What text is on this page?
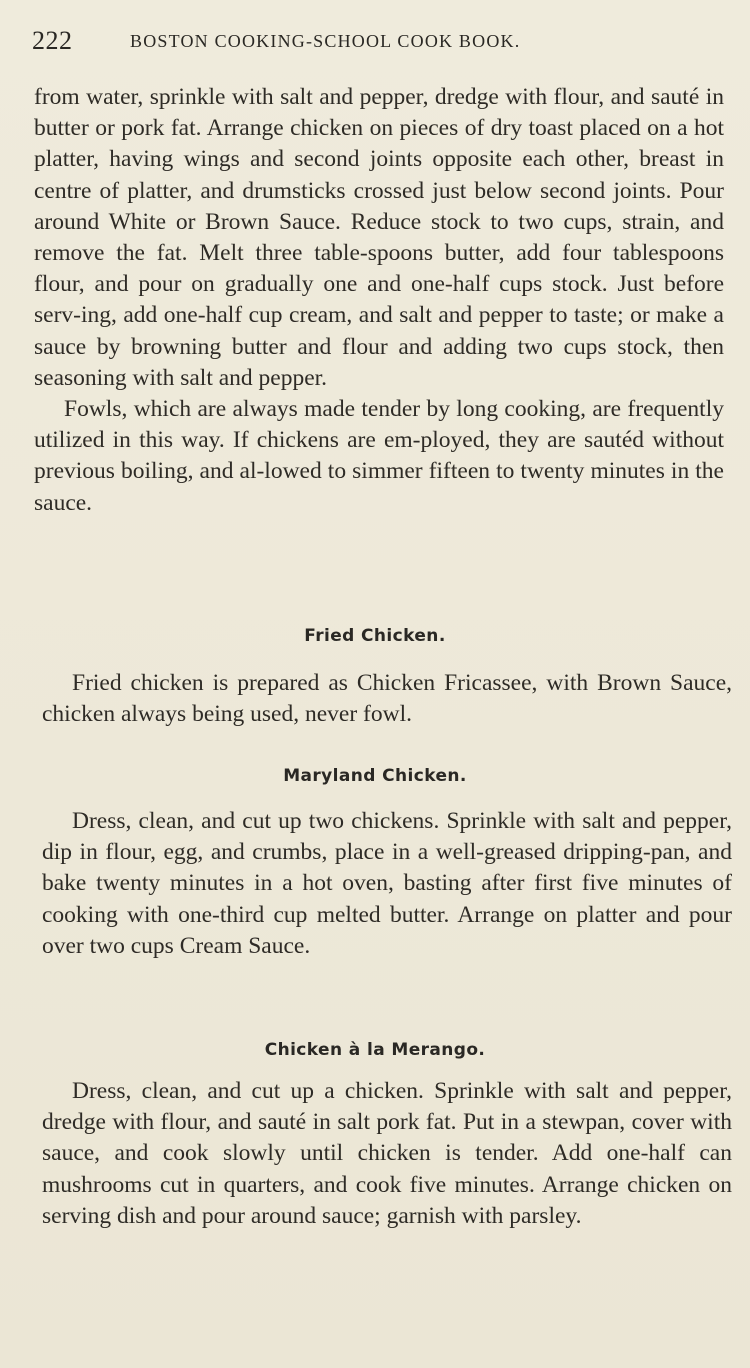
222	BOSTON COOKING-SCHOOL COOK BOOK.

from water, sprinkle with salt and pepper, dredge with flour, and sauté in butter or pork fat. Arrange chicken on pieces of dry toast placed on a hot platter, having wings and second joints opposite each other, breast in centre of platter, and drumsticks crossed just below second joints. Pour around White or Brown Sauce. Reduce stock to two cups, strain, and remove the fat. Melt three table-spoons butter, add four tablespoons flour, and pour on gradually one and one-half cups stock. Just before serv-ing, add one-half cup cream, and salt and pepper to taste; or make a sauce by browning butter and flour and adding two cups stock, then seasoning with salt and pepper.

Fowls, which are always made tender by long cooking, are frequently utilized in this way. If chickens are em-ployed, they are sautéd without previous boiling, and al-lowed to simmer fifteen to twenty minutes in the sauce.

Fried Chicken.

Fried chicken is prepared as Chicken Fricassee, with Brown Sauce, chicken always being used, never fowl.

Maryland Chicken.

Dress, clean, and cut up two chickens. Sprinkle with salt and pepper, dip in flour, egg, and crumbs, place in a well-greased dripping-pan, and bake twenty minutes in a hot oven, basting after first five minutes of cooking with one-third cup melted butter. Arrange on platter and pour over two cups Cream Sauce.

Chicken à la Merango.

Dress, clean, and cut up a chicken. Sprinkle with salt and pepper, dredge with flour, and sauté in salt pork fat. Put in a stewpan, cover with sauce, and cook slowly until chicken is tender. Add one-half can mushrooms cut in quarters, and cook five minutes. Arrange chicken on serving dish and pour around sauce; garnish with parsley.
